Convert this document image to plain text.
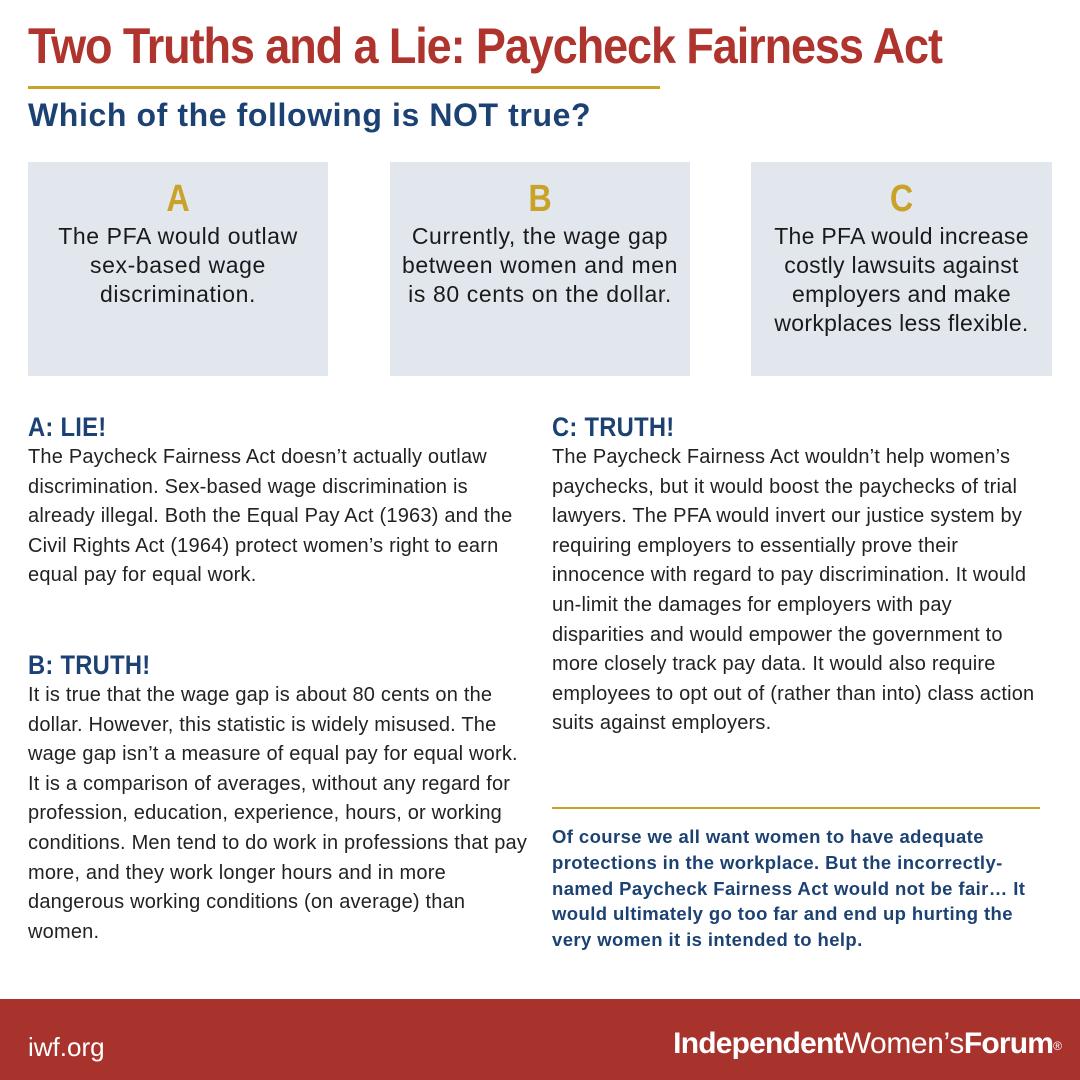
Two Truths and a Lie: Paycheck Fairness Act
Which of the following is NOT true?
A
The PFA would outlaw sex-based wage discrimination.
B
Currently, the wage gap between women and men is 80 cents on the dollar.
C
The PFA would increase costly lawsuits against employers and make workplaces less flexible.
A: LIE!

The Paycheck Fairness Act doesn’t actually outlaw discrimination. Sex-based wage discrimination is already illegal. Both the Equal Pay Act (1963) and the Civil Rights Act (1964) protect women’s right to earn equal pay for equal work.

B: TRUTH!

It is true that the wage gap is about 80 cents on the dollar. However, this statistic is widely misused. The wage gap isn’t a measure of equal pay for equal work. It is a comparison of averages, without any regard for profession, education, experience, hours, or working conditions. Men tend to do work in professions that pay more, and they work longer hours and in more dangerous working conditions (on average) than women.

C: TRUTH!

The Paycheck Fairness Act wouldn’t help women’s paychecks, but it would boost the paychecks of trial lawyers. The PFA would invert our justice system by requiring employers to essentially prove their innocence with regard to pay discrimination. It would un-limit the damages for employers with pay disparities and would empower the government to more closely track pay data. It would also require employees to opt out of (rather than into) class action suits against employers.

Of course we all want women to have adequate protections in the workplace. But the incorrectly-named Paycheck Fairness Act would not be fair… It would ultimately go too far and end up hurting the very women it is intended to help.

iwf.org	IndependentWomen’sForum®
